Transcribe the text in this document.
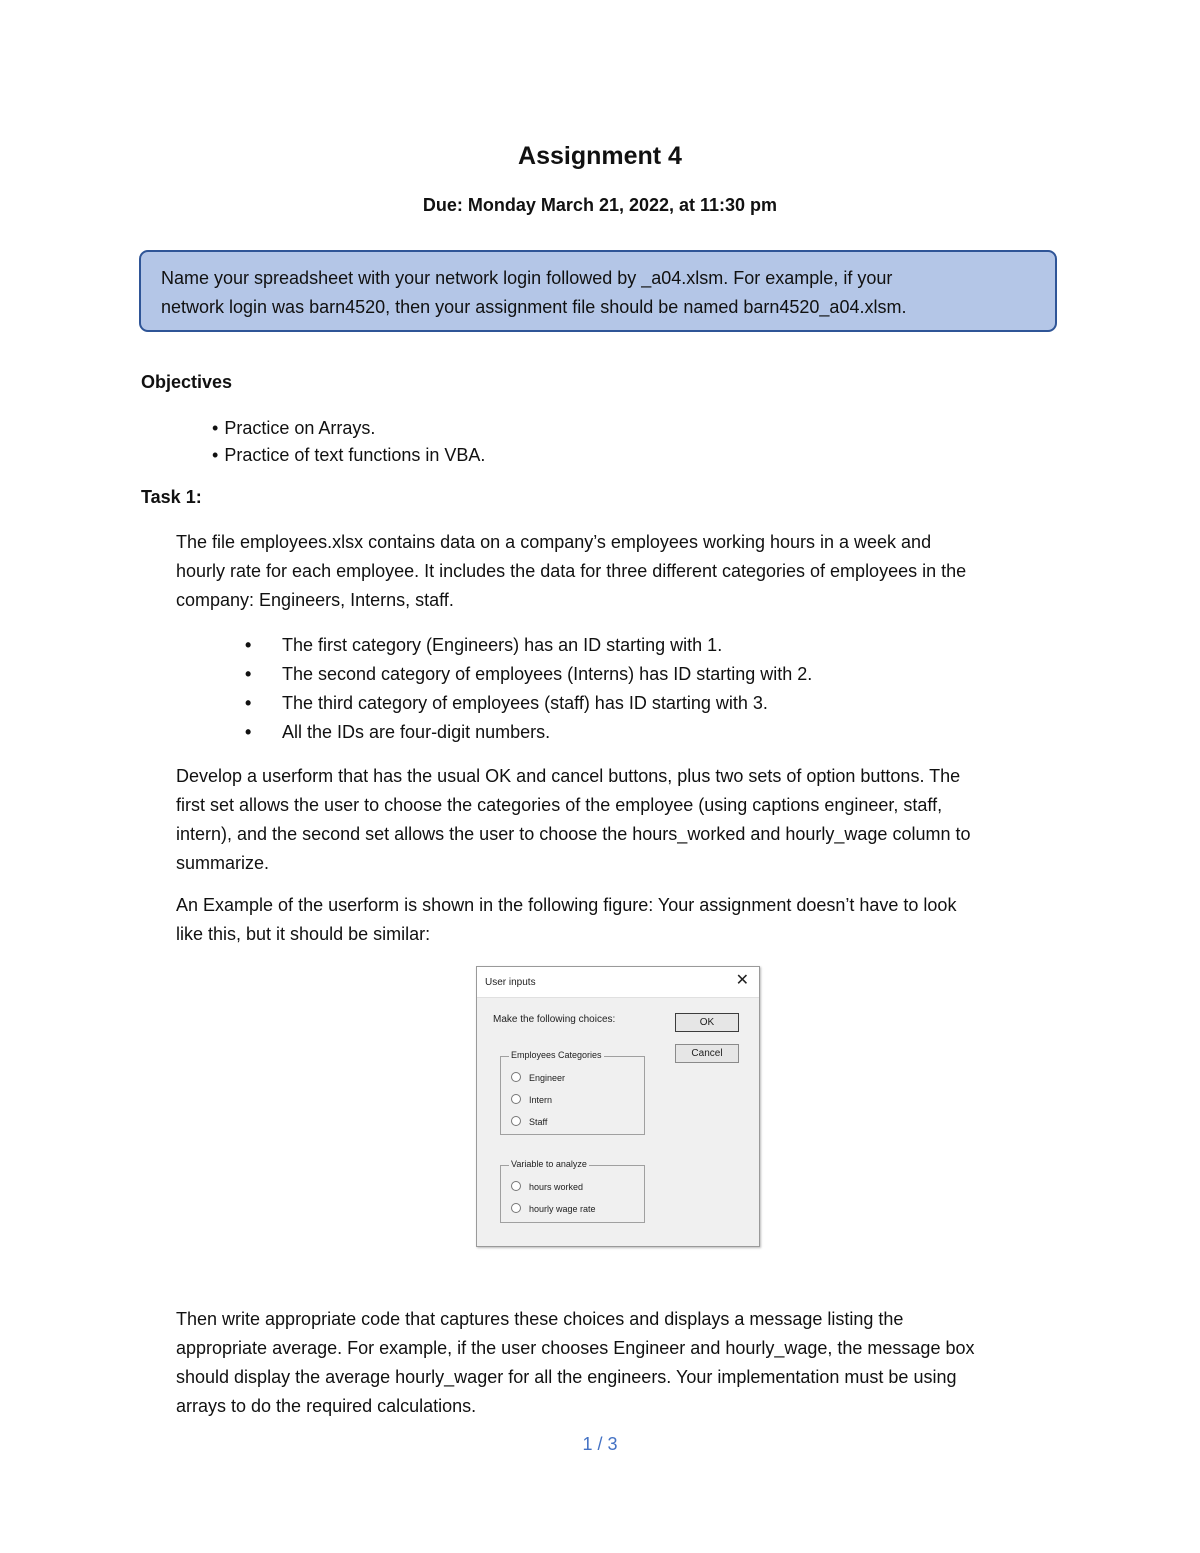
Assignment 4
Due: Monday March 21, 2022, at 11:30 pm
Name your spreadsheet with your network login followed by _a04.xlsm. For example, if your
network login was barn4520, then your assignment file should be named barn4520_a04.xlsm.
Objectives
• Practice on Arrays.
• Practice of text functions in VBA.
Task 1:
The file employees.xlsx contains data on a company’s employees working hours in a week and
hourly rate for each employee. It includes the data for three different categories of employees in the
company: Engineers, Interns, staff.
• The first category (Engineers) has an ID starting with 1.
• The second category of employees (Interns) has ID starting with 2.
• The third category of employees (staff) has ID starting with 3.
• All the IDs are four-digit numbers.
Develop a userform that has the usual OK and cancel buttons, plus two sets of option buttons. The
first set allows the user to choose the categories of the employee (using captions engineer, staff,
intern), and the second set allows the user to choose the hours_worked and hourly_wage column to
summarize.
An Example of the userform is shown in the following figure: Your assignment doesn’t have to look
like this, but it should be similar:
User inputs	✕
Make the following choices:	OK
Cancel
Employees Categories
Engineer
Intern
Staff
Variable to analyze
hours worked
hourly wage rate
Then write appropriate code that captures these choices and displays a message listing the
appropriate average. For example, if the user chooses Engineer and hourly_wage, the message box
should display the average hourly_wager for all the engineers. Your implementation must be using
arrays to do the required calculations.
1 / 3
